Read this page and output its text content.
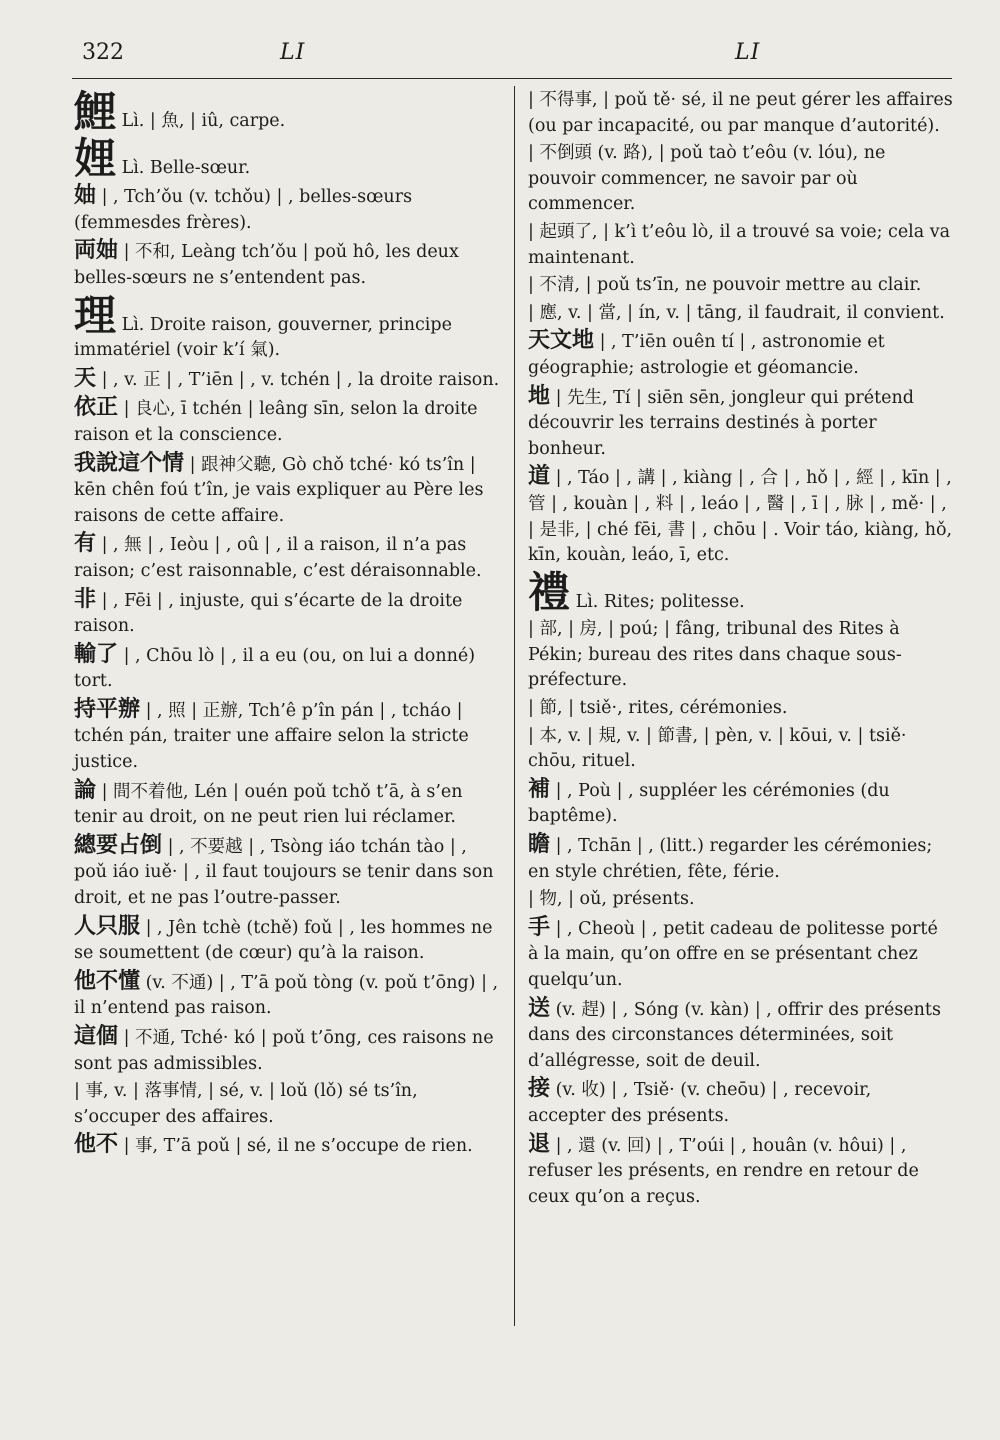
322	LI	LI
鯉 Lì. | 魚, | iû, carpe.
娌 Lì. Belle-sœur.
妯 | , Tch’ǒu (v. tchǒu) | , belles-sœurs (femmesdes frères).
両妯 | 不和, Leàng tch’ǒu | poǔ hô, les deux belles-sœurs ne s’entendent pas.
理 Lì. Droite raison, gouverner, principe immatériel (voir k’í 氣).
天 | , v. 正 | , T’iēn | , v. tchén | , la droite raison.
依正 | 良心, ī tchén | leâng sīn, selon la droite raison et la conscience.
我說這个情 | 跟神父聽, Gò chǒ tché· kó ts’în | kēn chên foú t’în, je vais expliquer au Père les raisons de cette affaire.
有 | , 無 | , Ieòu | , oû | , il a raison, il n’a pas raison; c’est raisonnable, c’est déraisonnable.
非 | , Fēi | , injuste, qui s’écarte de la droite raison.
輸了 | , Chōu lò | , il a eu (ou, on lui a donné) tort.
持平辦 | , 照 | 正辦, Tch’ê p’în pán | , tcháo | tchén pán, traiter une affaire selon la stricte justice.
論 | 間不着他, Lén | ouén poǔ tchǒ t’ā, à s’en tenir au droit, on ne peut rien lui réclamer.
總要占倒 | , 不要越 | , Tsòng iáo tchán tào | , poǔ iáo iuě· | , il faut toujours se tenir dans son droit, et ne pas l’outre-passer.
人只服 | , Jên tchè (tchě) foǔ | , les hommes ne se soumettent (de cœur) qu’à la raison.
他不懂 (v. 不通) | , T’ā poǔ tòng (v. poǔ t’ōng) | , il n’entend pas raison.
這個 | 不通, Tché· kó | poǔ t’ōng, ces raisons ne sont pas admissibles.
| 事, v. | 落事情, | sé, v. | loǔ (lǒ) sé ts’în, s’occuper des affaires.
他不 | 事, T’ā poǔ | sé, il ne s’occupe de rien.
| 不得事, | poǔ tě· sé, il ne peut gérer les affaires (ou par incapacité, ou par manque d’autorité).
| 不倒頭 (v. 路), | poǔ taò t’eôu (v. lóu), ne pouvoir commencer, ne savoir par où commencer.
| 起頭了, | k’ì t’eôu lò, il a trouvé sa voie; cela va maintenant.
| 不清, | poǔ ts’īn, ne pouvoir mettre au clair.
| 應, v. | 當, | ín, v. | tāng, il faudrait, il convient.
天文地 | , T’iēn ouên tí | , astronomie et géographie; astrologie et géomancie.
地 | 先生, Tí | siēn sēn, jongleur qui prétend découvrir les terrains destinés à porter bonheur.
道 | , Táo | , 講 | , kiàng | , 合 | , hǒ | , 經 | , kīn | , 管 | , kouàn | , 料 | , leáo | , 醫 | , ī | , 脉 | , mě· | , | 是非, | ché fēi, 書 | , chōu | . Voir táo, kiàng, hǒ, kīn, kouàn, leáo, ī, etc.
禮 Lì. Rites; politesse.
| 部, | 房, | poú; | fâng, tribunal des Rites à Pékin; bureau des rites dans chaque sous-préfecture.
| 節, | tsiě·, rites, cérémonies.
| 本, v. | 規, v. | 節書, | pèn, v. | kōui, v. | tsiě· chōu, rituel.
補 | , Poù | , suppléer les cérémonies (du baptême).
瞻 | , Tchān | , (litt.) regarder les cérémonies; en style chrétien, fête, férie.
| 物, | oǔ, présents.
手 | , Cheoù | , petit cadeau de politesse porté à la main, qu’on offre en se présentant chez quelqu’un.
送 (v. 趕) | , Sóng (v. kàn) | , offrir des présents dans des circonstances déterminées, soit d’allégresse, soit de deuil.
接 (v. 收) | , Tsiě· (v. cheōu) | , recevoir, accepter des présents.
退 | , 還 (v. 回) | , T’oúi | , houân (v. hôui) | , refuser les présents, en rendre en retour de ceux qu’on a reçus.
